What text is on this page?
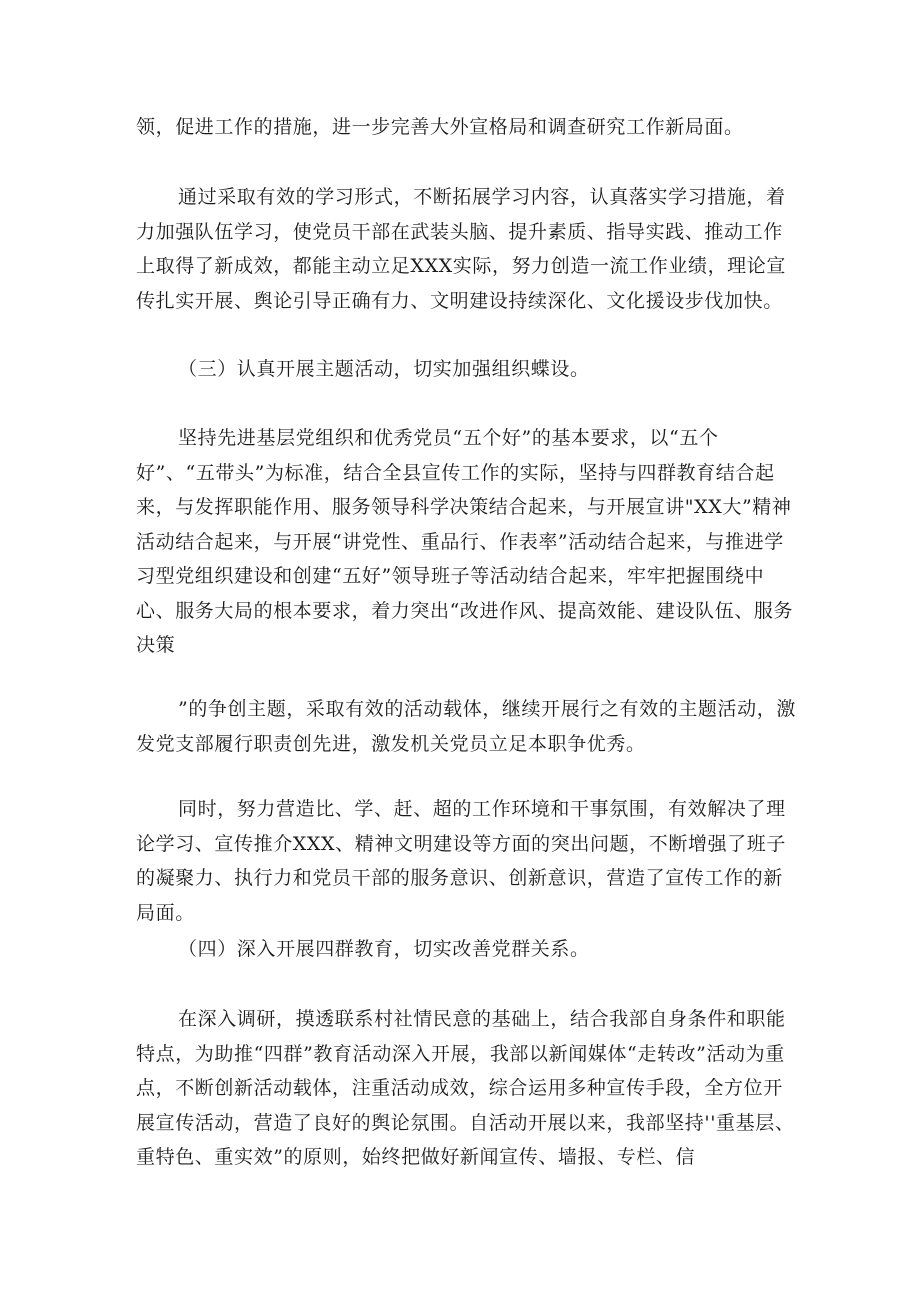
领，促进工作的措施，进一步完善大外宣格局和调查研究工作新局面。

通过采取有效的学习形式，不断拓展学习内容，认真落实学习措施，着力加强队伍学习，使党员干部在武装头脑、提升素质、指导实践、推动工作上取得了新成效，都能主动立足XXX实际，努力创造一流工作业绩，理论宣传扎实开展、舆论引导正确有力、文明建设持续深化、文化援设步伐加快。

（三）认真开展主题活动，切实加强组织蝶设。

坚持先进基层党组织和优秀党员“五个好”的基本要求，以“五个好”、“五带头”为标准，结合全县宣传工作的实际，坚持与四群教育结合起来，与发挥职能作用、服务领导科学决策结合起来，与开展宣讲"XX大”精神活动结合起来，与开展“讲党性、重品行、作表率”活动结合起来，与推进学习型党组织建设和创建“五好”领导班子等活动结合起来，牢牢把握围绕中心、服务大局的根本要求，着力突出“改进作风、提高效能、建设队伍、服务决策

”的争创主题，采取有效的活动载体，继续开展行之有效的主题活动，激发党支部履行职责创先进，激发机关党员立足本职争优秀。

同时，努力营造比、学、赶、超的工作环境和干事氛围，有效解决了理论学习、宣传推介XXX、精神文明建设等方面的突出问题，不断增强了班子的凝聚力、执行力和党员干部的服务意识、创新意识，营造了宣传工作的新局面。

（四）深入开展四群教育，切实改善党群关系。

在深入调研，摸透联系村社情民意的基础上，结合我部自身条件和职能特点，为助推“四群”教育活动深入开展，我部以新闻媒体“走转改”活动为重点，不断创新活动载体，注重活动成效，综合运用多种宣传手段，全方位开展宣传活动，营造了良好的舆论氛围。自活动开展以来，我部坚持''重基层、重特色、重实效”的原则，始终把做好新闻宣传、墙报、专栏、信
